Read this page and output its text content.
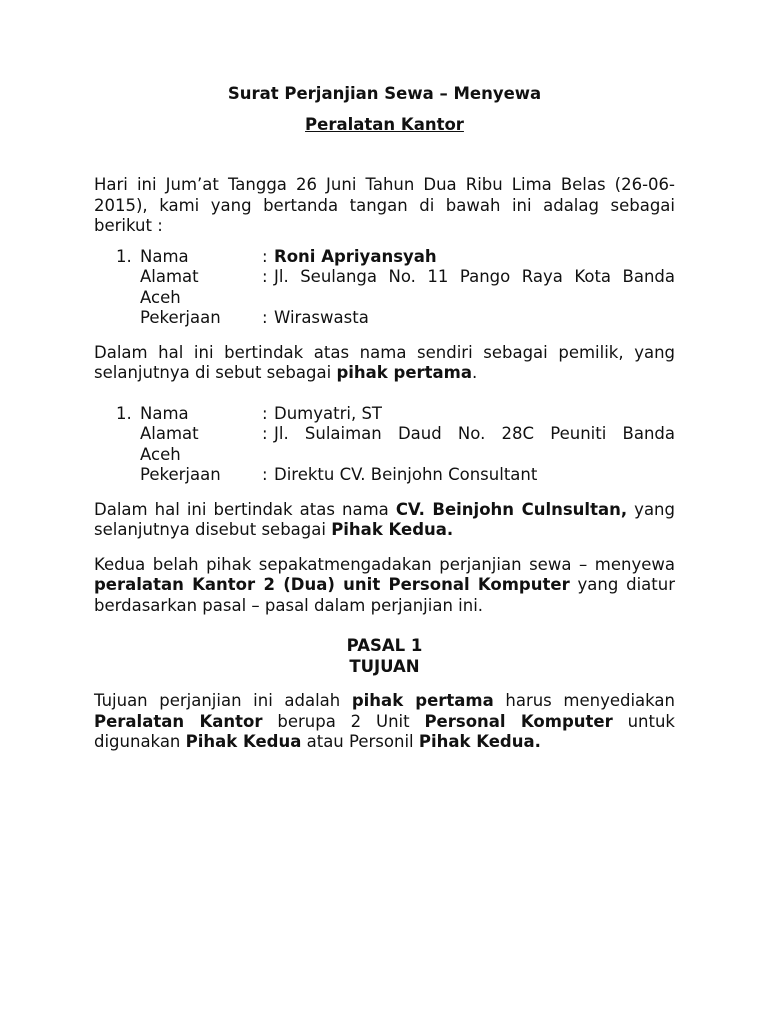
Surat Perjanjian Sewa – Menyewa

Peralatan Kantor

Hari ini Jum’at Tangga 26 Juni Tahun Dua Ribu Lima Belas (26-06-2015), kami yang bertanda tangan di bawah ini adalag sebagai berikut :

1. Nama	: Roni Apriyansyah
Alamat	: Jl. Seulanga No. 11 Pango Raya Kota Banda
Aceh
Pekerjaan	: Wiraswasta

Dalam hal ini bertindak atas nama sendiri sebagai pemilik, yang selanjutnya di sebut sebagai pihak pertama.

1. Nama	: Dumyatri, ST
Alamat	: Jl. Sulaiman Daud No. 28C Peuniti Banda
Aceh
Pekerjaan	: Direktu CV. Beinjohn Consultant

Dalam hal ini bertindak atas nama CV. Beinjohn Culnsultan, yang selanjutnya disebut sebagai Pihak Kedua.

Kedua belah pihak sepakatmengadakan perjanjian sewa – menyewa peralatan Kantor 2 (Dua) unit Personal Komputer yang diatur berdasarkan pasal – pasal dalam perjanjian ini.

PASAL 1

TUJUAN

Tujuan perjanjian ini adalah pihak pertama harus menyediakan Peralatan Kantor berupa 2 Unit Personal Komputer untuk digunakan Pihak Kedua atau Personil Pihak Kedua.
